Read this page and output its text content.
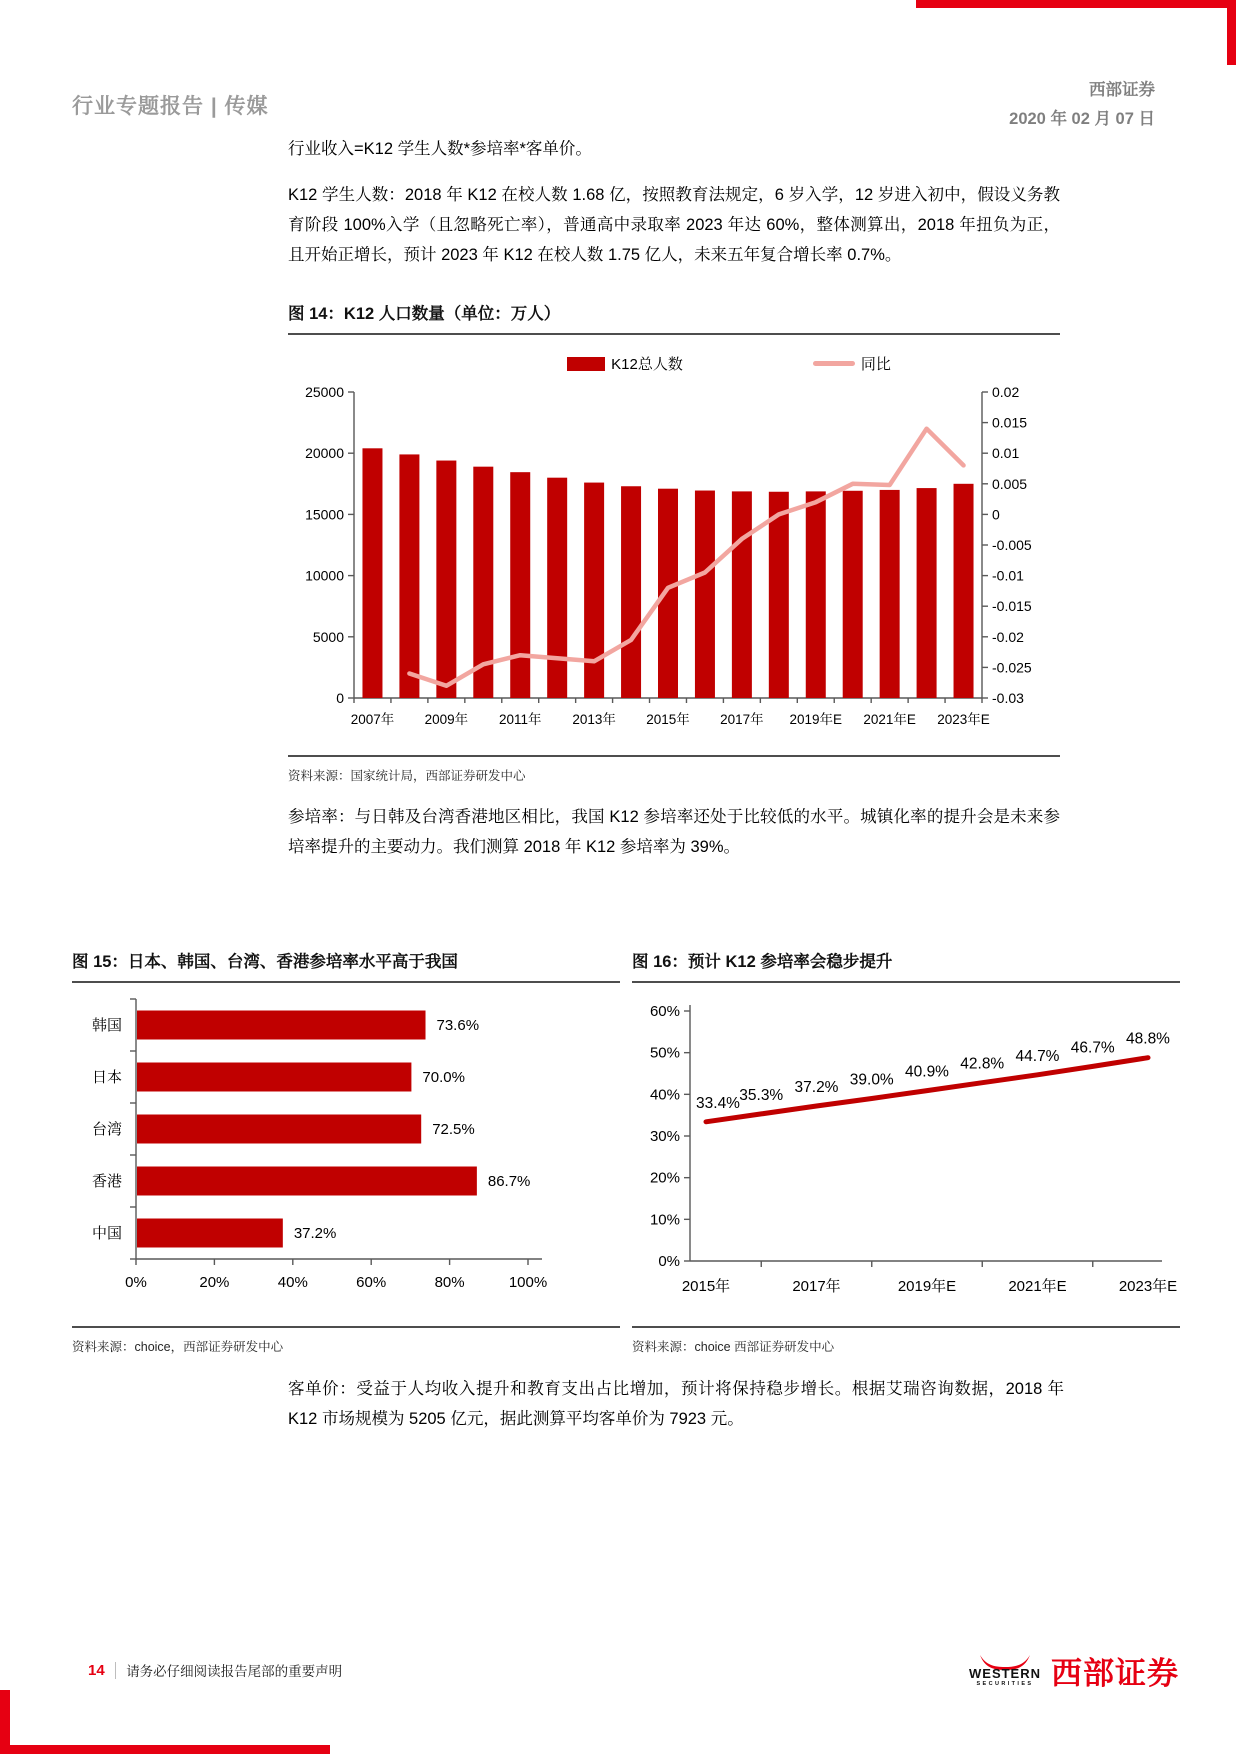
行业专题报告 | 传媒
西部证券
2020 年 02 月 07 日

行业收入=K12 学生人数*参培率*客单价。

K12 学生人数：2018 年 K12 在校人数 1.68 亿，按照教育法规定，6 岁入学，12 岁进入初中，假设义务教育阶段 100%入学（且忽略死亡率），普通高中录取率 2023 年达 60%，整体测算出，2018 年扭负为正，且开始正增长，预计 2023 年 K12 在校人数 1.75 亿人，未来五年复合增长率 0.7%。

图 14：K12 人口数量（单位：万人）
K12总人数	同比
25000
20000
15000
10000
5000
0
0.02
0.015
0.01
0.005
0
-0.005
-0.01
-0.015
-0.02
-0.025
-0.03
2007年 2009年 2011年 2013年 2015年 2017年 2019年E 2021年E 2023年E
资料来源：国家统计局，西部证券研发中心

参培率：与日韩及台湾香港地区相比，我国 K12 参培率还处于比较低的水平。城镇化率的提升会是未来参培率提升的主要动力。我们测算 2018 年 K12 参培率为 39%。

图 15：日本、韩国、台湾、香港参培率水平高于我国
0%	20%	40%	60%	80%	100%
韩国	73.6%
日本	70.0%
台湾	72.5%
香港	86.7%
中国	37.2%
资料来源：choice，西部证券研发中心
图 16：预计 K12 参培率会稳步提升
60%
50%
40%
30%
20%
10%
0%
2015年	2017年	2019年E	2021年E	2023年E
33.4% 35.3% 37.2% 39.0% 40.9% 42.8% 44.7% 46.7%
48.8%
资料来源：choice 西部证券研发中心

客单价：受益于人均收入提升和教育支出占比增加，预计将保持稳步增长。根据艾瑞咨询数据，2018 年 K12 市场规模为 5205 亿元，据此测算平均客单价为 7923 元。

14 请务必仔细阅读报告尾部的重要声明	WESTERN
SECURITIES 西部证券
